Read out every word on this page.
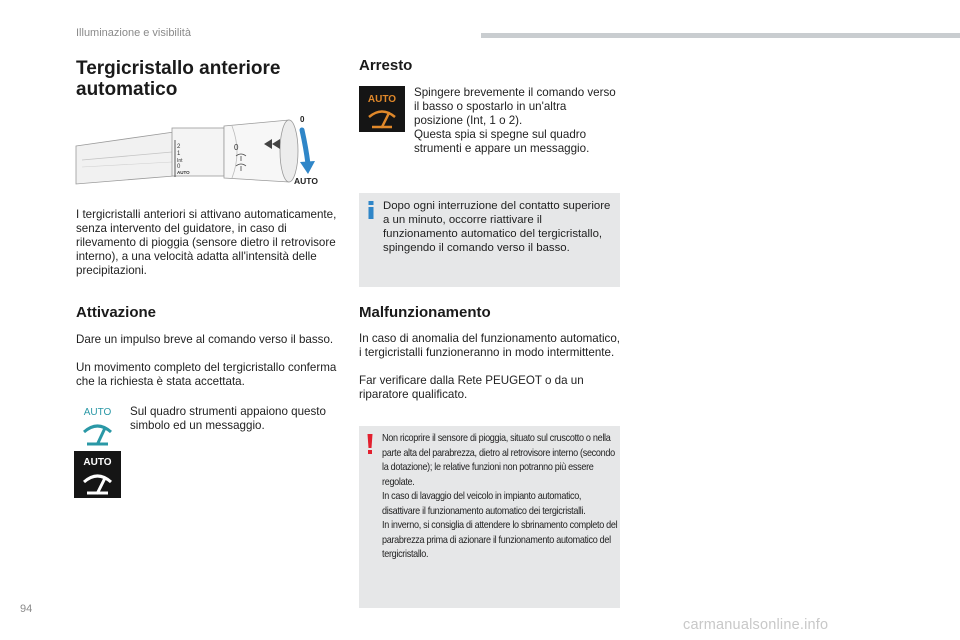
Illuminazione e visibilità
Tergicristallo anteriore automatico
2
1
Int
0
AUTO
0
0
AUTO
I tergicristalli anteriori si attivano automaticamente, senza intervento del guidatore, in caso di rilevamento di pioggia (sensore dietro il retrovisore interno), a una velocità adatta all'intensità delle precipitazioni.
Attivazione
Dare un impulso breve al comando verso il basso.
Un movimento completo del tergicristallo conferma che la richiesta è stata accettata.
AUTO
AUTO
Sul quadro strumenti appaiono questo simbolo ed un messaggio.
Arresto
AUTO
Spingere brevemente il comando verso il basso o spostarlo in un'altra posizione (Int, 1 o 2).
Questa spia si spegne sul quadro strumenti e appare un messaggio.
Dopo ogni interruzione del contatto superiore a un minuto, occorre riattivare il funzionamento automatico del tergicristallo, spingendo il comando verso il basso.
Malfunzionamento
In caso di anomalia del funzionamento automatico, i tergicristalli funzioneranno in modo intermittente.
Far verificare dalla Rete PEUGEOT o da un riparatore qualificato.
Non ricoprire il sensore di pioggia, situato sul cruscotto o nella parte alta del parabrezza, dietro al retrovisore interno (secondo la dotazione); le relative funzioni non potranno più essere regolate.
In caso di lavaggio del veicolo in impianto automatico, disattivare il funzionamento automatico dei tergicristalli.
In inverno, si consiglia di attendere lo sbrinamento completo del parabrezza prima di azionare il funzionamento automatico del tergicristallo.
94
carmanualsonline.info
